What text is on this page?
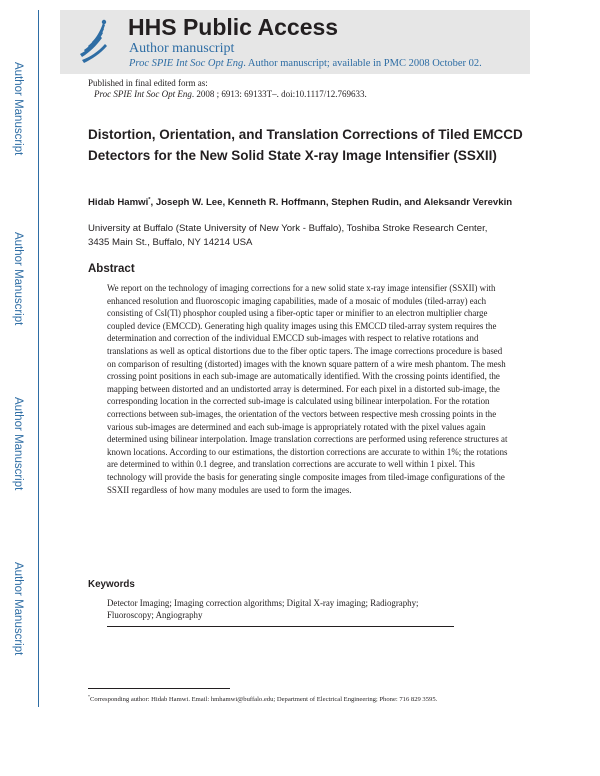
Author Manuscript
Author Manuscript
Author Manuscript
Author Manuscript
HHS Public Access
Author manuscript
Proc SPIE Int Soc Opt Eng. Author manuscript; available in PMC 2008 October 02.
Published in final edited form as:
Proc SPIE Int Soc Opt Eng. 2008 ; 6913: 69133T–. doi:10.1117/12.769633.
Distortion, Orientation, and Translation Corrections of Tiled EMCCD Detectors for the New Solid State X-ray Image Intensifier (SSXII)
Hidab Hamwi*, Joseph W. Lee, Kenneth R. Hoffmann, Stephen Rudin, and Aleksandr Verevkin
University at Buffalo (State University of New York - Buffalo), Toshiba Stroke Research Center,
3435 Main St., Buffalo, NY 14214 USA
Abstract
We report on the technology of imaging corrections for a new solid state x-ray image intensifier (SSXII) with enhanced resolution and fluoroscopic imaging capabilities, made of a mosaic of modules (tiled-array) each consisting of CsI(Tl) phosphor coupled using a fiber-optic taper or minifier to an electron multiplier charge coupled device (EMCCD). Generating high quality images using this EMCCD tiled-array system requires the determination and correction of the individual EMCCD sub-images with respect to relative rotations and translations as well as optical distortions due to the fiber optic tapers. The image corrections procedure is based on comparison of resulting (distorted) images with the known square pattern of a wire mesh phantom. The mesh crossing point positions in each sub-image are automatically identified. With the crossing points identified, the mapping between distorted and an undistorted array is determined. For each pixel in a distorted sub-image, the corresponding location in the corrected sub-image is calculated using bilinear interpolation. For the rotation corrections between sub-images, the orientation of the vectors between respective mesh crossing points in the various sub-images are determined and each sub-image is appropriately rotated with the pixel values again determined using bilinear interpolation. Image translation corrections are performed using reference structures at known locations. According to our estimations, the distortion corrections are accurate to within 1%; the rotations are determined to within 0.1 degree, and translation corrections are accurate to well within 1 pixel. This technology will provide the basis for generating single composite images from tiled-image configurations of the SSXII regardless of how many modules are used to form the images.
Keywords
Detector Imaging; Imaging correction algorithms; Digital X-ray imaging; Radiography; Fluoroscopy; Angiography
*Corresponding author: Hidab Hamwi. Email: hmhamwi@buffalo.edu; Department of Electrical Engineering; Phone: 716 829 3595.
